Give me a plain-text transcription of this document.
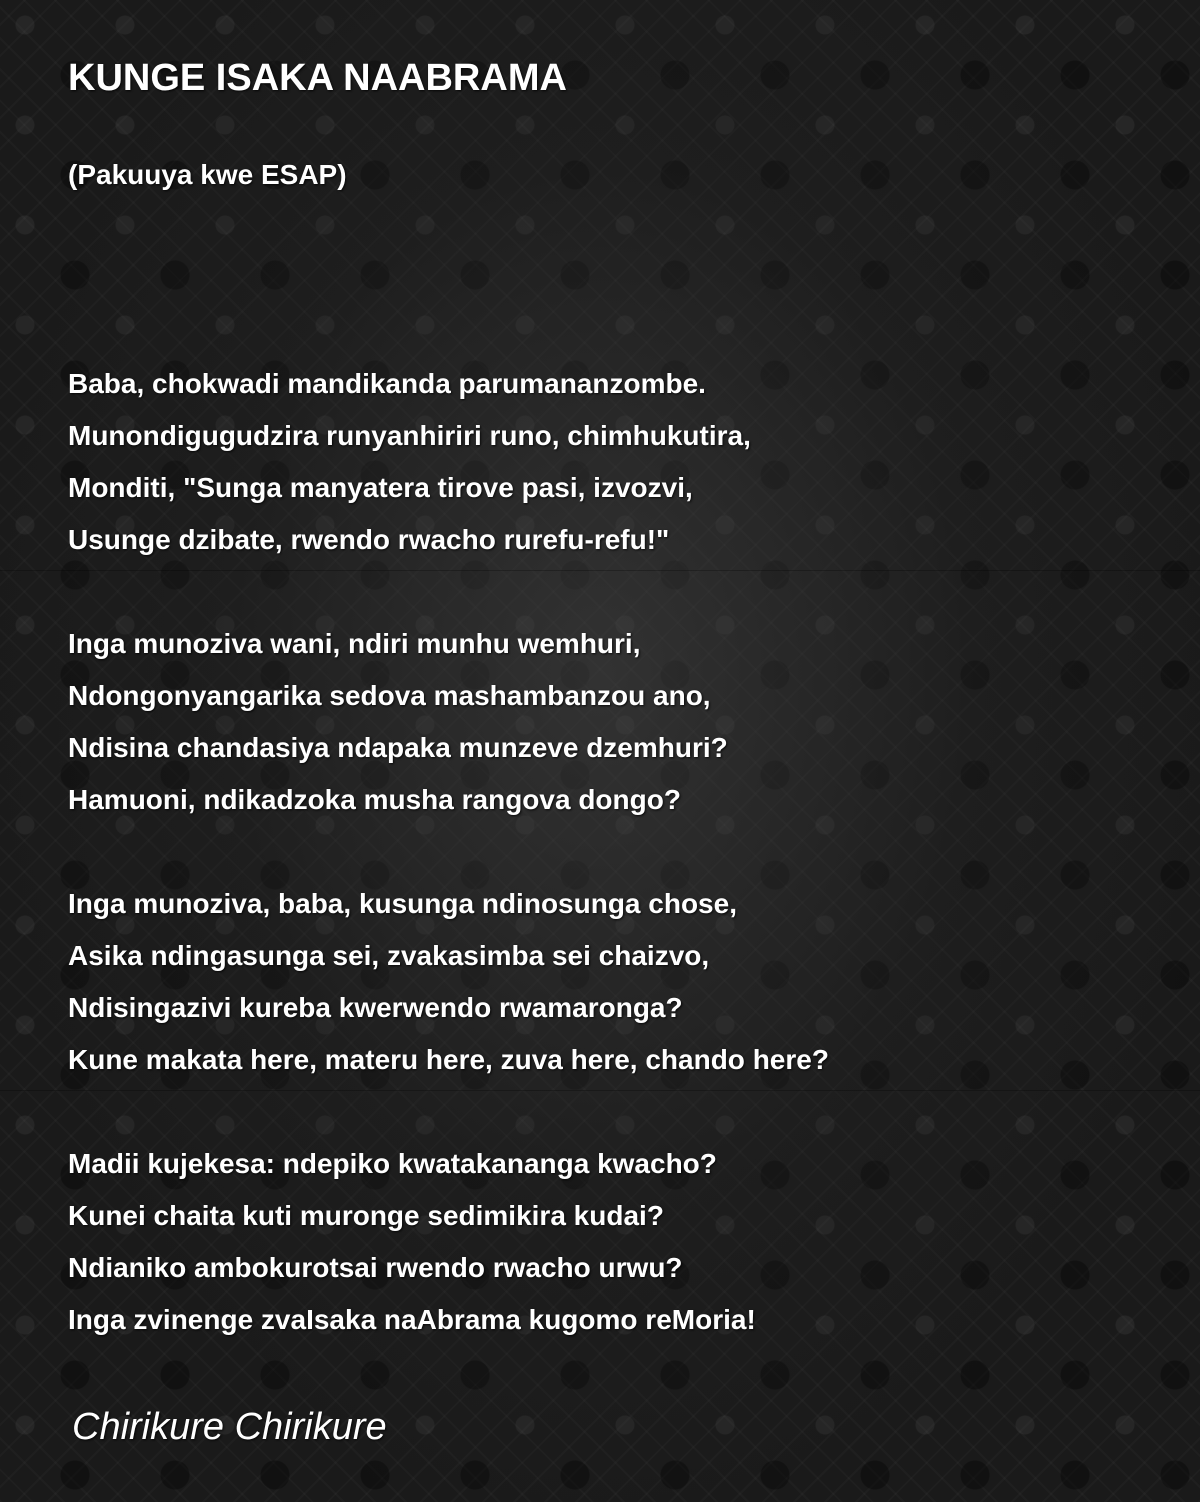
KUNGE ISAKA NAABRAMA

(Pakuuya kwe ESAP)

Baba, chokwadi mandikanda parumananzombe.
Munondigugudzira runyanhiriri runo, chimhukutira,
Monditi, "Sunga manyatera tirove pasi, izvozvi,
Usunge dzibate, rwendo rwacho rurefu-refu!"
Inga munoziva wani, ndiri munhu wemhuri,
Ndongonyangarika sedova mashambanzou ano,
Ndisina chandasiya ndapaka munzeve dzemhuri?
Hamuoni, ndikadzoka musha rangova dongo?
Inga munoziva, baba, kusunga ndinosunga chose,
Asika ndingasunga sei, zvakasimba sei chaizvo,
Ndisingazivi kureba kwerwendo rwamaronga?
Kune makata here, materu here, zuva here, chando here?
Madii kujekesa: ndepiko kwatakananga kwacho?
Kunei chaita kuti muronge sedimikira kudai?
Ndianiko ambokurotsai rwendo rwacho urwu?
Inga zvinenge zvaIsaka naAbrama kugomo reMoria!

Chirikure Chirikure
